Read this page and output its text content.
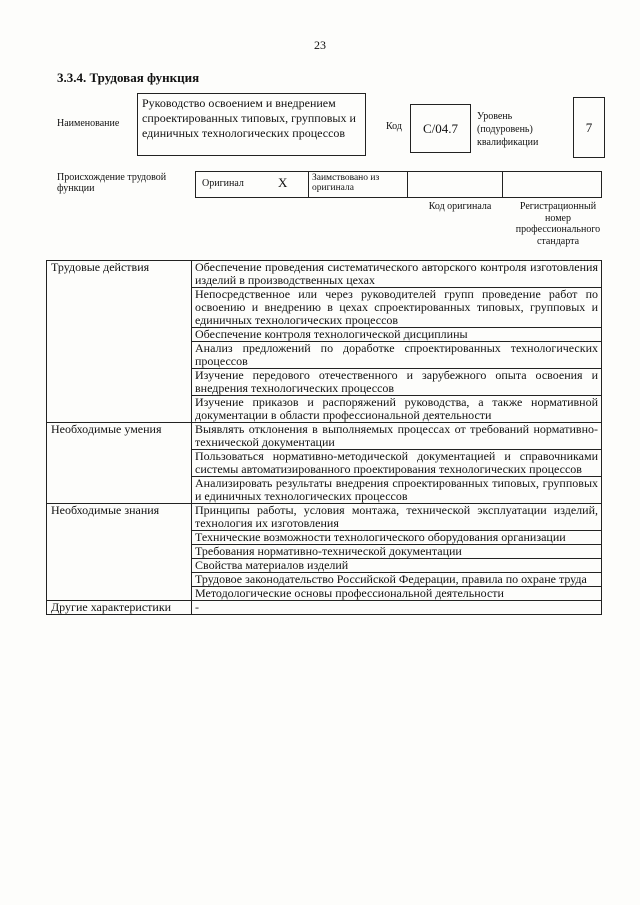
23
3.3.4. Трудовая функция
Наименование
Руководство освоением и внедрением спроектированных типовых, групповых и единичных технологических процессов	Код	С/04.7
Уровень (подуровень) квалификации
7
Происхождение трудовой функции	Оригинал	X	Заимствовано из оригинала
Код оригинала	Регистрационный номер профессионального стандарта
Трудовые действия	Обеспечение проведения систематического авторского контроля изготовления изделий в производственных цехах
	Непосредственное или через руководителей групп проведение работ по освоению и внедрению в цехах спроектированных типовых, групповых и единичных технологических процессов
	Обеспечение контроля технологической дисциплины
	Анализ предложений по доработке спроектированных технологических процессов
	Изучение передового отечественного и зарубежного опыта освоения и внедрения технологических процессов
	Изучение приказов и распоряжений руководства, а также нормативной документации в области профессиональной деятельности
Необходимые умения	Выявлять отклонения в выполняемых процессах от требований нормативно-технической документации
	Пользоваться нормативно-методической документацией и справочниками системы автоматизированного проектирования технологических процессов
	Анализировать результаты внедрения спроектированных типовых, групповых и единичных технологических процессов
Необходимые знания	Принципы работы, условия монтажа, технической эксплуатации изделий, технология их изготовления
	Технические возможности технологического оборудования организации
	Требования нормативно-технической документации
	Свойства материалов изделий
	Трудовое законодательство Российской Федерации, правила по охране труда
	Методологические основы профессиональной деятельности
Другие характеристики	-
